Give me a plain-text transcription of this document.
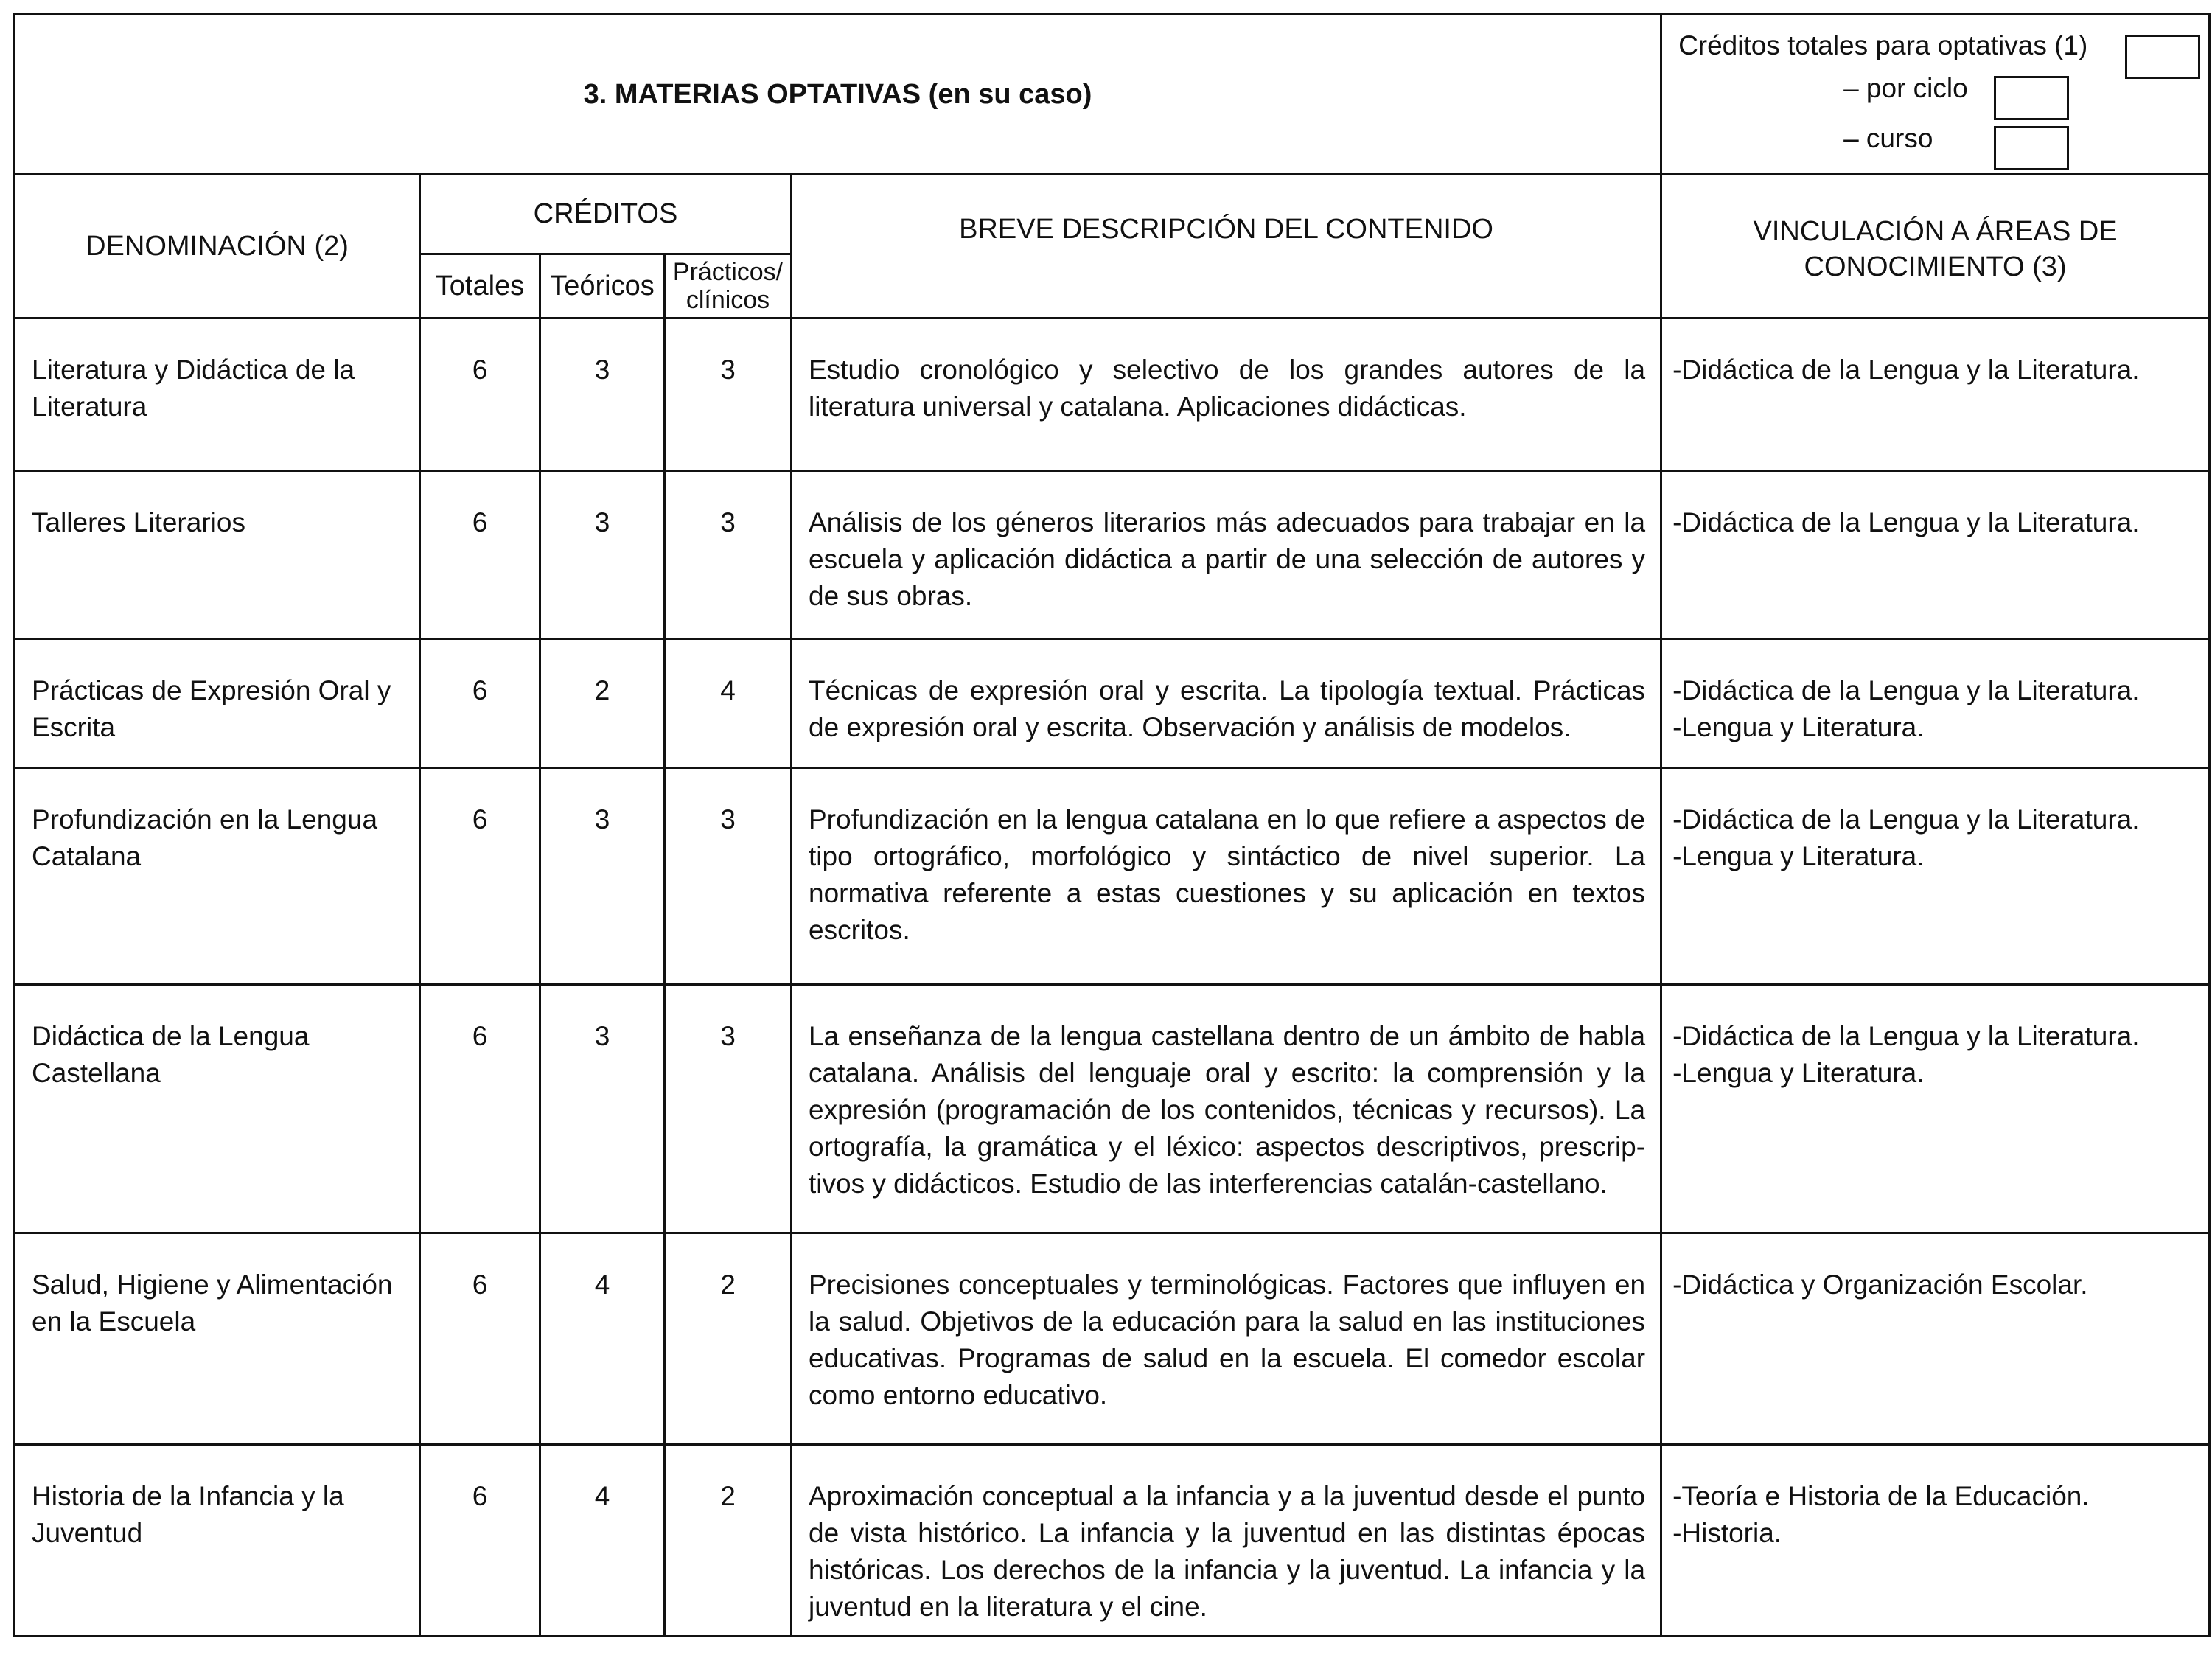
3. MATERIAS OPTATIVAS (en su caso)					Créditos totales para optativas (1)
– por ciclo
– curso

DENOMINACIÓN (2)	CRÉDITOS			BREVE DESCRIPCIÓN DEL CONTENIDO	VINCULACIÓN A ÁREAS DE
CONOCIMIENTO (3)

	Totales	Teóricos	Prácticos/
clínicos		

Literatura y Didáctica de la Literatura	6	3	3	Estudio cronológico y selectivo de los grandes autores de la literatura universal y catalana. Aplicaciones didácticas.	-Didáctica de la Lengua y la Literatura.

Talleres Literarios	6	3	3	Análisis de los géneros literarios más adecuados para trabajar en la escuela y aplicación didáctica a partir de una selección de autores y de sus obras.	-Didáctica de la Lengua y la Literatura.

Prácticas de Expresión Oral y Escrita	6	2	4	Técnicas de expresión oral y escrita. La tipología textual. Prácticas de expresión oral y escrita. Observación y análisis de modelos.	-Didáctica de la Lengua y la Literatura.
-Lengua y Literatura.

Profundización en la Lengua Catalana	6	3	3	Profundización en la lengua catalana en lo que refiere a aspectos de tipo ortográfico, morfológico y sintáctico de nivel superior. La normativa referente a estas cuestiones y su aplicación en textos escritos.	-Didáctica de la Lengua y la Literatura.
-Lengua y Literatura.

Didáctica de la Lengua Castellana	6	3	3	La enseñanza de la lengua castellana dentro de un ámbito de habla catalana. Análisis del lenguaje oral y escrito: la comprensión y la expresión (programación de los contenidos, técnicas y recursos). La ortografía, la gramática y el léxico: aspectos descriptivos, prescrip-tivos y didácticos. Estudio de las interferencias catalán-castellano.	-Didáctica de la Lengua y la Literatura.
-Lengua y Literatura.

Salud, Higiene y Alimentación en la Escuela	6	4	2	Precisiones conceptuales y terminológicas. Factores que influyen en la salud. Objetivos de la educación para la salud en las instituciones educativas. Programas de salud en la escuela. El comedor escolar como entorno educativo.	-Didáctica y Organización Escolar.

Historia de la Infancia y la Juventud	6	4	2	Aproximación conceptual a la infancia y a la juventud desde el punto de vista histórico. La infancia y la juventud en las distintas épocas históricas. Los derechos de la infancia y la juventud. La infancia y la juventud en la literatura y el cine.	-Teoría e Historia de la Educación.
-Historia.
